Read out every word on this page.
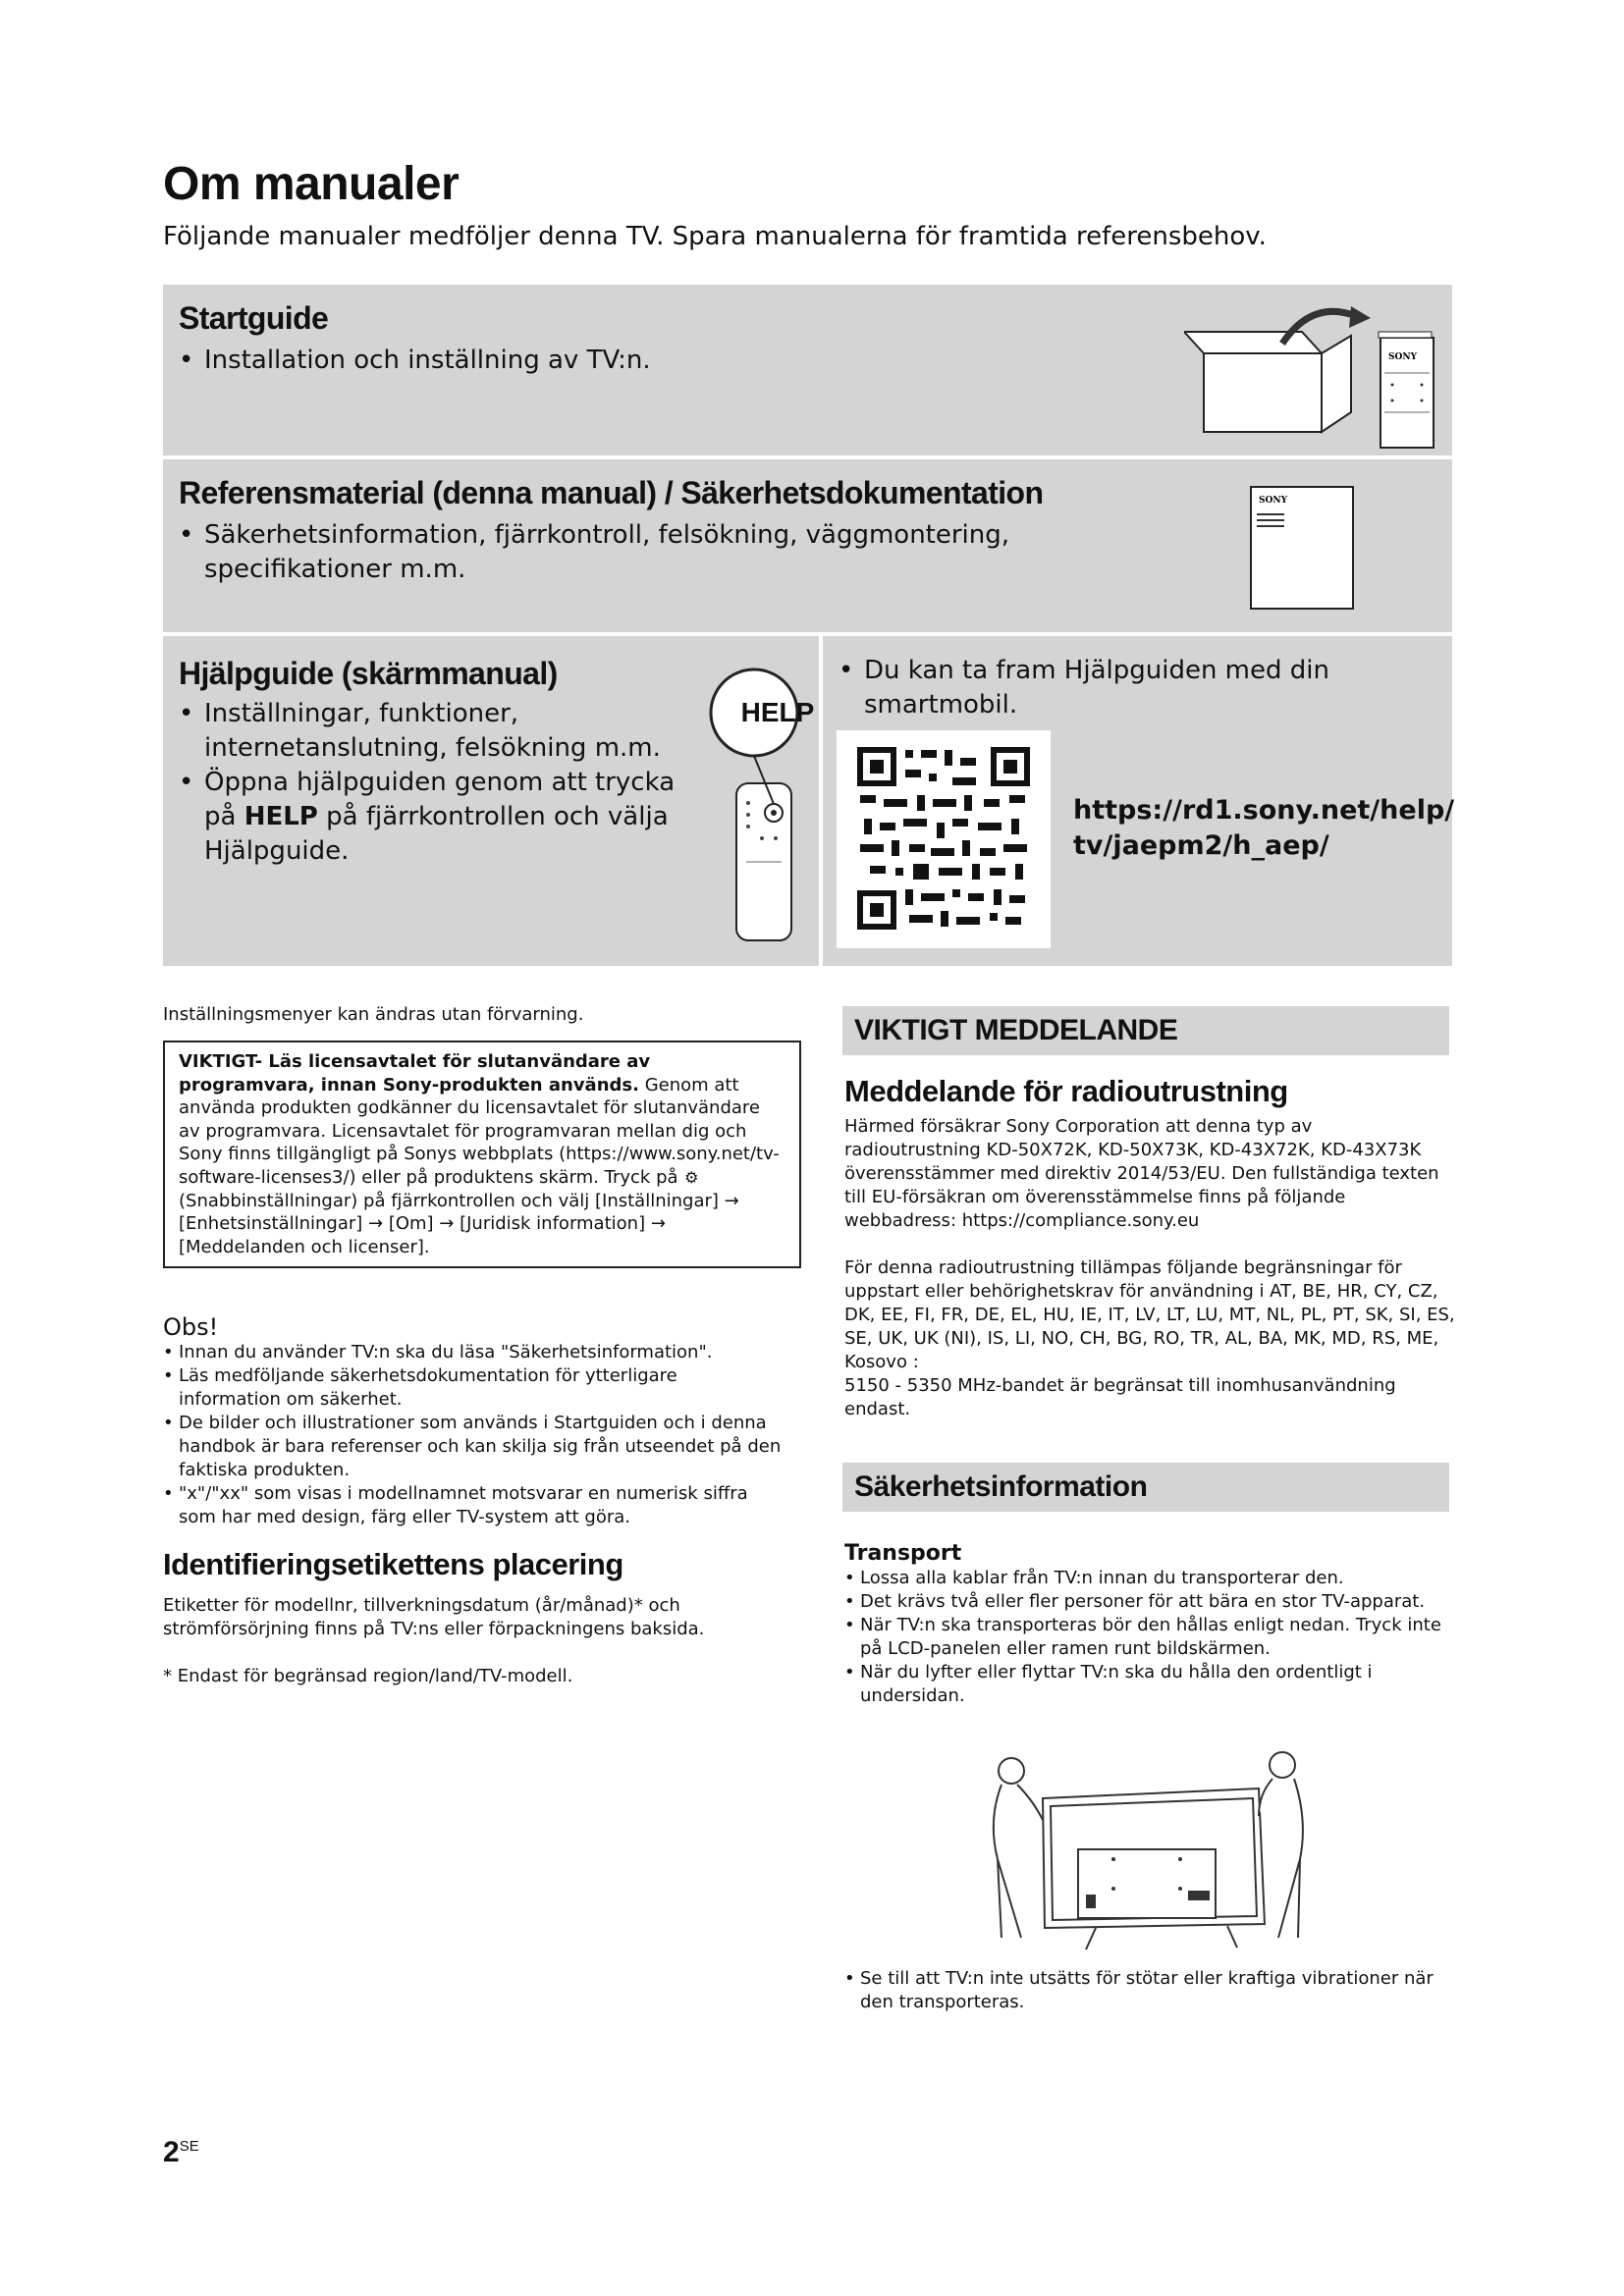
Om manualer
Följande manualer medföljer denna TV. Spara manualerna för framtida referensbehov.
Startguide
• Installation och inställning av TV:n.	SONY
Referensmaterial (denna manual) / Säkerhetsdokumentation
• Säkerhetsinformation, fjärrkontroll, felsökning, väggmontering, specifikationer m.m.
SONY
Hjälpguide (skärmmanual)
• Inställningar, funktioner, internetanslutning, felsökning m.m.
• Öppna hjälpguiden genom att trycka på HELP på fjärrkontrollen och välja Hjälpguide.
HELP
• Du kan ta fram Hjälpguiden med din smartmobil.
https://rd1.sony.net/help/
tv/jaepm2/h_aep/
Inställningsmenyer kan ändras utan förvarning.
VIKTIGT- Läs licensavtalet för slutanvändare av programvara, innan Sony-produkten används. Genom att använda produkten godkänner du licensavtalet för slutanvändare av programvara. Licensavtalet för programvaran mellan dig och Sony finns tillgängligt på Sonys webbplats (https://www.sony.net/tv-software-licenses3/) eller på produktens skärm. Tryck på ⚙(Snabbinställningar) på fjärrkontrollen och välj [Inställningar] → [Enhetsinställningar] → [Om] → [Juridisk information] → [Meddelanden och licenser].
Obs!
• Innan du använder TV:n ska du läsa "Säkerhetsinformation".
• Läs medföljande säkerhetsdokumentation för ytterligare information om säkerhet.
• De bilder och illustrationer som används i Startguiden och i denna handbok är bara referenser och kan skilja sig från utseendet på den faktiska produkten.
• "x"/"xx" som visas i modellnamnet motsvarar en numerisk siffra som har med design, färg eller TV-system att göra.
Identifieringsetikettens placering
Etiketter för modellnr, tillverkningsdatum (år/månad)* och strömförsörjning finns på TV:ns eller förpackningens baksida.
* Endast för begränsad region/land/TV-modell.
VIKTIGT MEDDELANDE
Meddelande för radioutrustning
Härmed försäkrar Sony Corporation att denna typ av radioutrustning KD-50X72K, KD-50X73K, KD-43X72K, KD-43X73K överensstämmer med direktiv 2014/53/EU. Den fullständiga texten till EU-försäkran om överensstämmelse finns på följande webbadress: https://compliance.sony.eu
För denna radioutrustning tillämpas följande begränsningar för uppstart eller behörighetskrav för användning i AT, BE, HR, CY, CZ, DK, EE, FI, FR, DE, EL, HU, IE, IT, LV, LT, LU, MT, NL, PL, PT, SK, SI, ES, SE, UK, UK (NI), IS, LI, NO, CH, BG, RO, TR, AL, BA, MK, MD, RS, ME, Kosovo :
5150 - 5350 MHz-bandet är begränsat till inomhusanvändning endast.
Säkerhetsinformation
Transport
• Lossa alla kablar från TV:n innan du transporterar den.
• Det krävs två eller fler personer för att bära en stor TV-apparat.
• När TV:n ska transporteras bör den hållas enligt nedan. Tryck inte på LCD-panelen eller ramen runt bildskärmen.
• När du lyfter eller flyttar TV:n ska du hålla den ordentligt i undersidan.
• Se till att TV:n inte utsätts för stötar eller kraftiga vibrationer när den transporteras.
$2^{SE}$
